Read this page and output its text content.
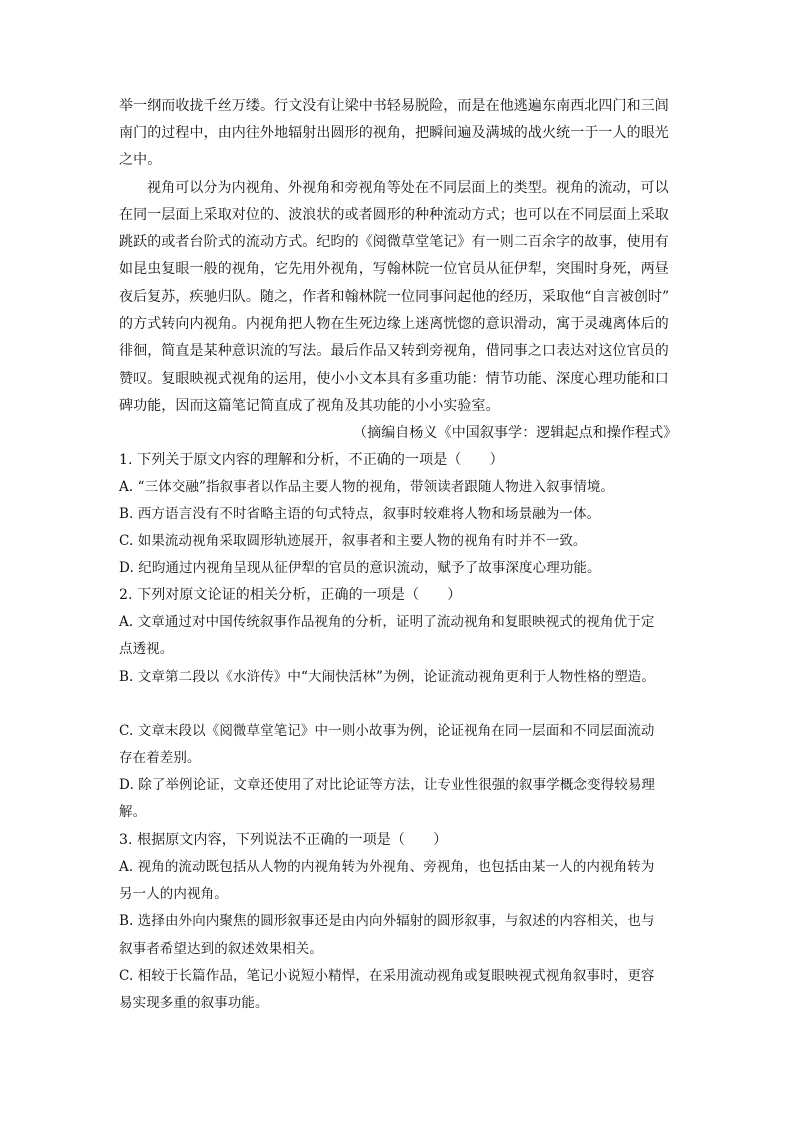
举一纲而收拢千丝万缕。行文没有让梁中书轻易脱险，而是在他逃遍东南西北四门和三闾
南门的过程中，由内往外地辐射出圆形的视角，把瞬间遍及满城的战火统一于一人的眼光
之中。
视角可以分为内视角、外视角和旁视角等处在不同层面上的类型。视角的流动，可以
在同一层面上采取对位的、波浪状的或者圆形的种种流动方式；也可以在不同层面上采取
跳跃的或者台阶式的流动方式。纪昀的《阅微草堂笔记》有一则二百余字的故事，使用有
如昆虫复眼一般的视角，它先用外视角，写翰林院一位官员从征伊犁，突围时身死，两昼
夜后复苏，疾驰归队。随之，作者和翰林院一位同事问起他的经历，采取他“自言被创时”
的方式转向内视角。内视角把人物在生死边缘上迷离恍惚的意识滑动，寓于灵魂离体后的
徘徊，简直是某种意识流的写法。最后作品又转到旁视角，借同事之口表达对这位官员的
赞叹。复眼映视式视角的运用，使小小文本具有多重功能：情节功能、深度心理功能和口
碑功能，因而这篇笔记简直成了视角及其功能的小小实验室。
（摘编自杨义《中国叙事学：逻辑起点和操作程式》
1. 下列关于原文内容的理解和分析，不正确的一项是（　　）
A. “三体交融”指叙事者以作品主要人物的视角，带领读者跟随人物进入叙事情境。
B. 西方语言没有不时省略主语的句式特点，叙事时较难将人物和场景融为一体。
C. 如果流动视角采取圆形轨迹展开，叙事者和主要人物的视角有时并不一致。
D. 纪昀通过内视角呈现从征伊犁的官员的意识流动，赋予了故事深度心理功能。
2. 下列对原文论证的相关分析，正确的一项是（　　）
A. 文章通过对中国传统叙事作品视角的分析，证明了流动视角和复眼映视式的视角优于定
点透视。
B. 文章第二段以《水浒传》中“大闹快活林”为例，论证流动视角更利于人物性格的塑造。
C. 文章末段以《阅微草堂笔记》中一则小故事为例，论证视角在同一层面和不同层面流动
存在着差别。
D. 除了举例论证，文章还使用了对比论证等方法，让专业性很强的叙事学概念变得较易理
解。
3. 根据原文内容，下列说法不正确的一项是（　　）
A. 视角的流动既包括从人物的内视角转为外视角、旁视角，也包括由某一人的内视角转为
另一人的内视角。
B. 选择由外向内聚焦的圆形叙事还是由内向外辐射的圆形叙事，与叙述的内容相关，也与
叙事者希望达到的叙述效果相关。
C. 相较于长篇作品，笔记小说短小精悍，在采用流动视角或复眼映视式视角叙事时，更容
易实现多重的叙事功能。
